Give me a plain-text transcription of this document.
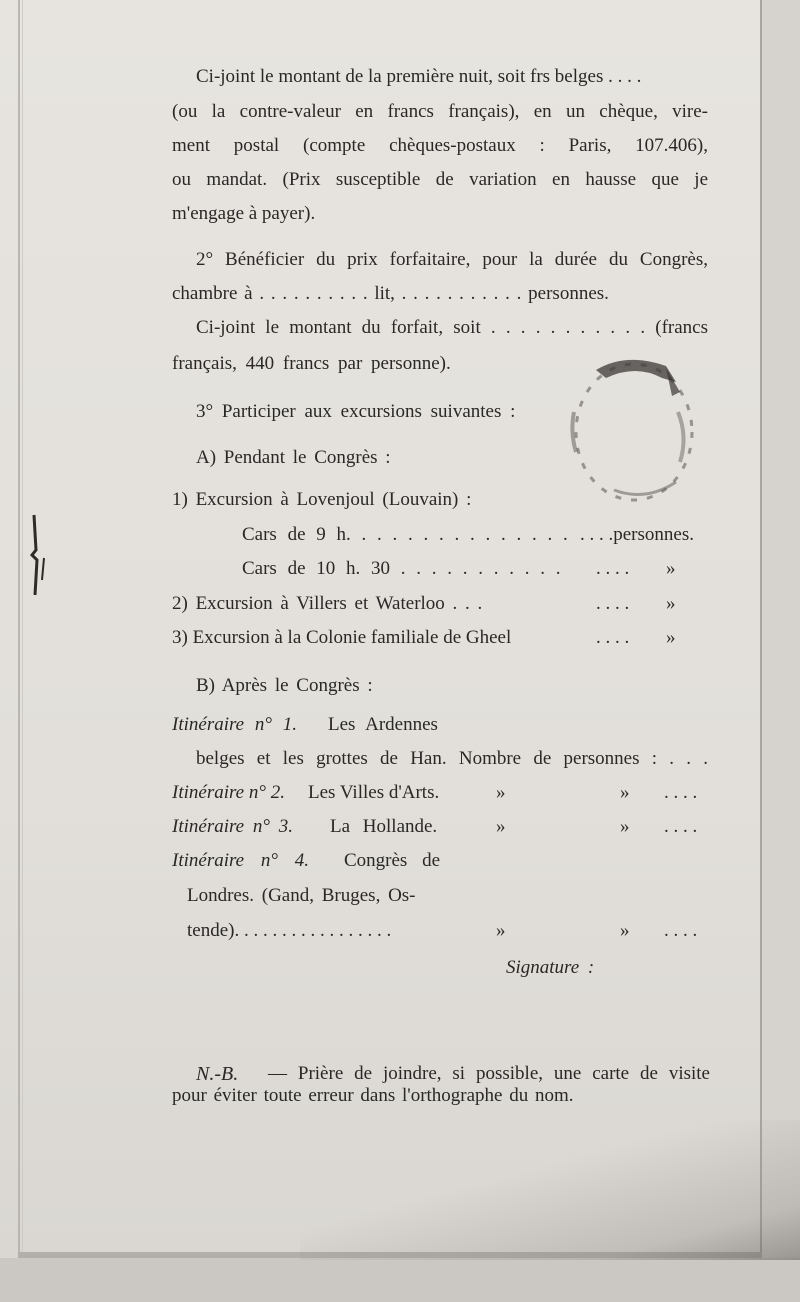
Ci-joint le montant de la première nuit, soit frs belges . . . .
(ou la contre-valeur en francs français), en un chèque, vire-
ment postal (compte chèques-postaux : Paris, 107.406),
ou mandat. (Prix susceptible de variation en hausse que je
m'engage à payer).
2° Bénéficier du prix forfaitaire, pour la durée du Congrès,
chambre à . . . . . . . . . . lit, . . . . . . . . . . . personnes.
Ci-joint le montant du forfait, soit . . . . . . . . . . . (francs
français, 440 francs par personne).
3° Participer aux excursions suivantes :
A) Pendant le Congrès :
1) Excursion à Lovenjoul (Louvain) :
Cars de 9 h. . . . . . . . . . . . . . . . . . .personnes.
Cars de 10 h. 30 . . . . . . . . . . . . . . . »
2) Excursion à Villers et Waterloo . . .	. . . . »
3) Excursion à la Colonie familiale de Gheel	. . . . »
B) Après le Congrès :
Itinéraire n° 1. Les Ardennes
belges et les grottes de Han. Nombre de personnes : . . .
Itinéraire n° 2. Les Villes d'Arts.	»	» . . . .
Itinéraire n° 3. La Hollande.	»	» . . . .
Itinéraire n° 4. Congrès de
Londres. (Gand, Bruges, Os-
tende). . . . . . . . . . . . . . . . .	»	» . . . .
Signature :
N.-B. — Prière de joindre, si possible, une carte de visite
pour éviter toute erreur dans l'orthographe du nom.
